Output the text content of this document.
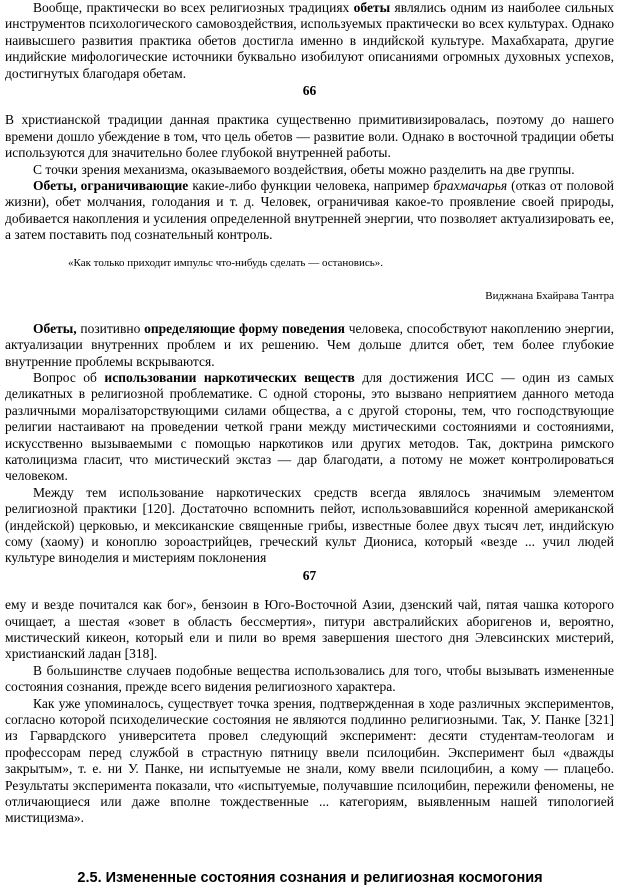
Вообще, практически во всех религиозных традициях обеты являлись одним из наиболее сильных инструментов психологического самовоздействия, используемых практически во всех культурах. Однако наивысшего развития практика обетов достигла именно в индийской культуре. Махабхарата, другие индийские мифологические источники буквально изобилуют описаниями огромных духовных успехов, достигнутых благодаря обетам.

66

В христианской традиции данная практика существенно примитивизировалась, поэтому до нашего времени дошло убеждение в том, что цель обетов — развитие воли. Однако в восточной традиции обеты используются для значительно более глубокой внутренней работы.

С точки зрения механизма, оказываемого воздействия, обеты можно разделить на две группы.

Обеты, ограничивающие какие-либо функции человека, например брахмачарья (отказ от половой жизни), обет молчания, голодания и т. д. Человек, ограничивая какое-то проявление своей природы, добивается накопления и усиления определенной внутренней энергии, что позволяет актуализировать ее, а затем поставить под сознательный контроль.

«Как только приходит импульс что-нибудь сделать — остановись».

Виджнана Бхайрава Тантра

Обеты, позитивно определяющие форму поведения человека, способствуют накоплению энергии, актуализации внутренних проблем и их решению. Чем дольше длится обет, тем более глубокие внутренние проблемы вскрываются.

Вопрос об использовании наркотических веществ для достижения ИСС — один из самых деликатных в религиозной проблематике. С одной стороны, это вызвано неприятием данного метода различными моралізаторствующими силами общества, а с другой стороны, тем, что господствующие религии настаивают на проведении четкой грани между мистическими состояниями и состояниями, искусственно вызываемыми с помощью наркотиков или других методов. Так, доктрина римского католицизма гласит, что мистический экстаз — дар благодати, а потому не может контролироваться человеком.

Между тем использование наркотических средств всегда являлось значимым элементом религиозной практики [120]. Достаточно вспомнить пейот, использовавшийся коренной американской (индейской) церковью, и мексиканские священные грибы, известные более двух тысяч лет, индийскую сому (хаому) и коноплю зороастрийцев, греческий культ Диониса, который «везде ... учил людей культуре виноделия и мистериям поклонения

67

ему и везде почитался как бог», бензоин в Юго-Восточной Азии, дзенский чай, пятая чашка которого очищает, а шестая «зовет в область бессмертия», питури австралийских аборигенов и, вероятно, мистический кикеон, который ели и пили во время завершения шестого дня Элевсинских мистерий, христианский ладан [318].

В большинстве случаев подобные вещества использовались для того, чтобы вызывать измененные состояния сознания, прежде всего видения религиозного характера.

Как уже упоминалось, существует точка зрения, подтвержденная в ходе различных экспериментов, согласно которой психоделические состояния не являются подлинно религиозными. Так, У. Панке [321] из Гарвардского университета провел следующий эксперимент: десяти студентам-теологам и профессорам перед службой в страстную пятницу ввели псилоцибин. Эксперимент был «дважды закрытым», т. е. ни У. Панке, ни испытуемые не знали, кому ввели псилоцибин, а кому — плацебо. Результаты эксперимента показали, что «испытуемые, получавшие псилоцибин, пережили феномены, не отличающиеся или даже вполне тождественные ... категориям, выявленным нашей типологией мистицизма».

2.5. Измененные состояния сознания и религиозная космогония
